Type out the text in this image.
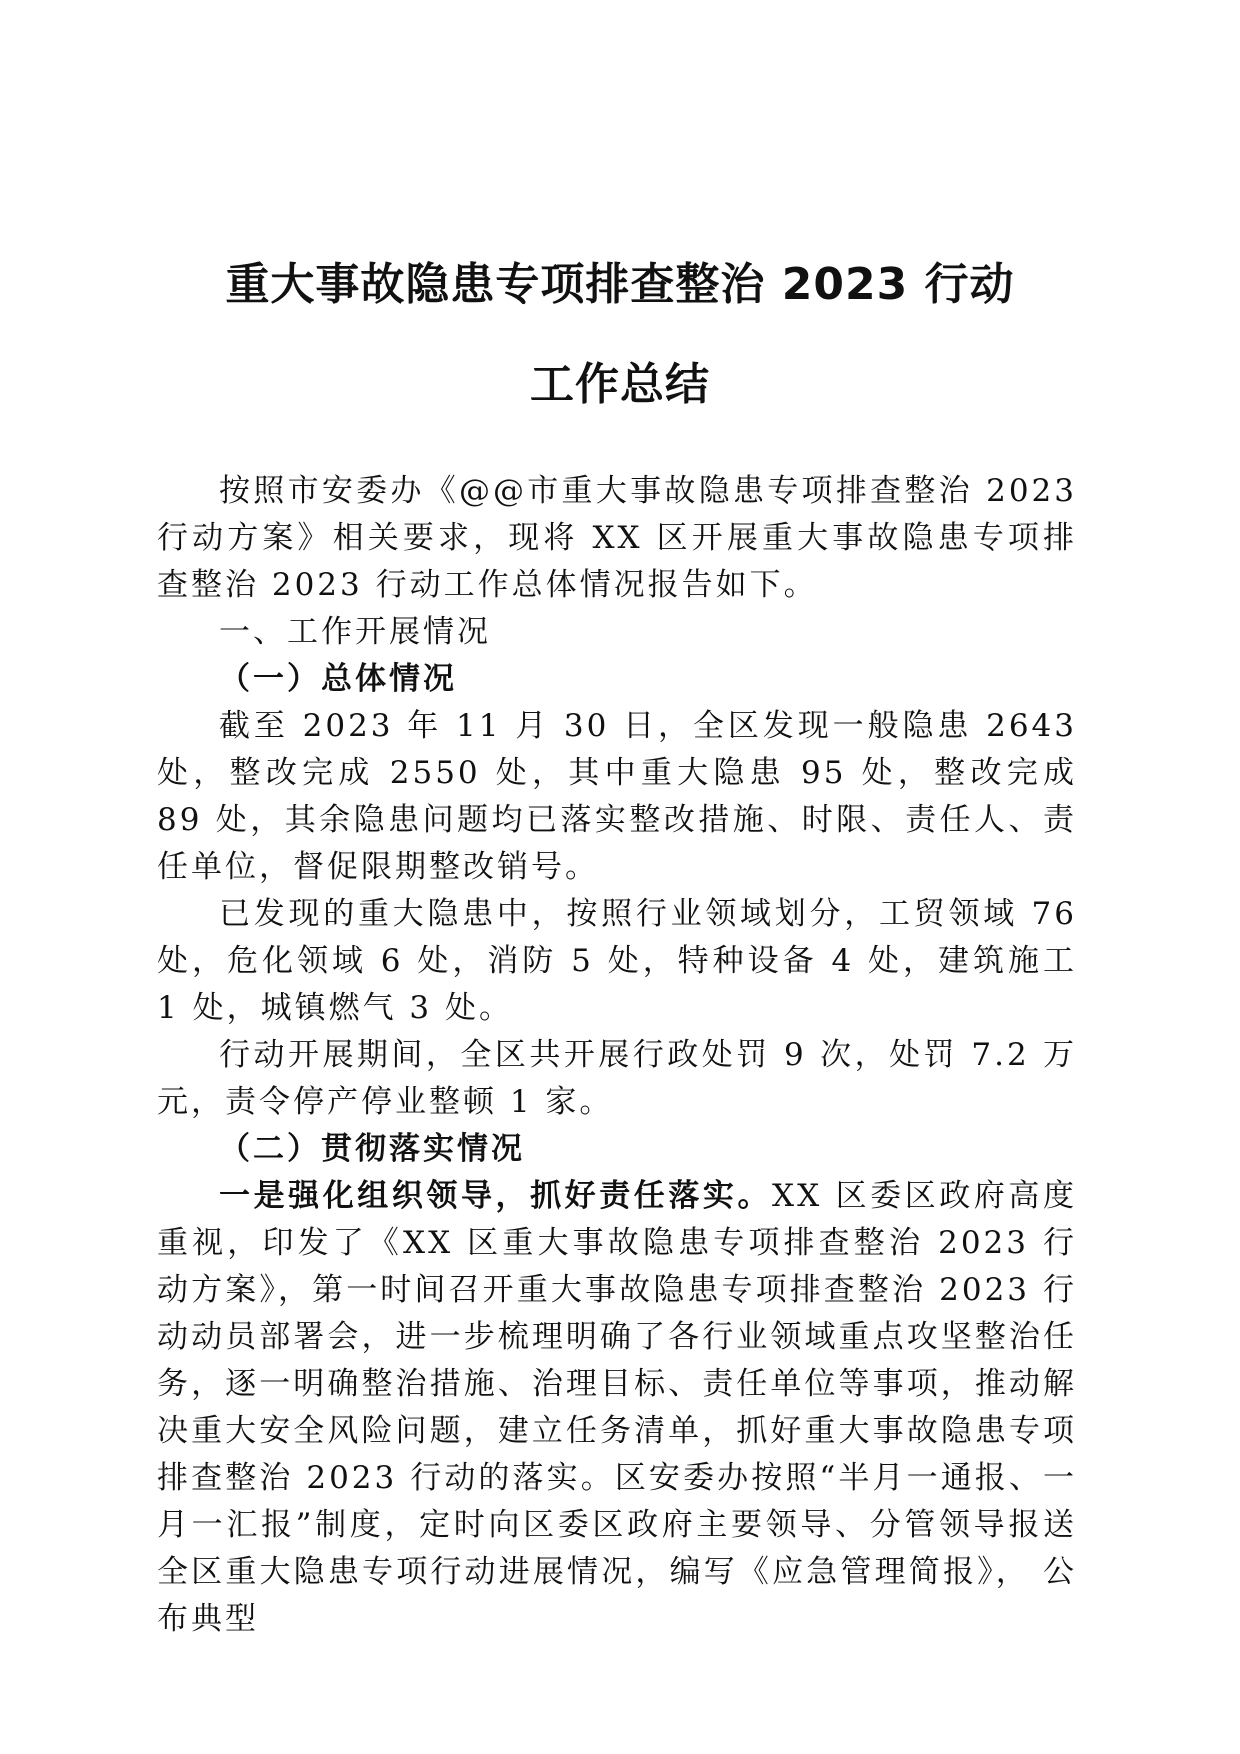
重大事故隐患专项排查整治 2023 行动
工作总结

按照市安委办《@@市重大事故隐患专项排查整治 2023 行动方案》相关要求，现将 XX 区开展重大事故隐患专项排查整治 2023 行动工作总体情况报告如下。

一、工作开展情况

（一）总体情况

截至 2023 年 11 月 30 日，全区发现一般隐患 2643 处，整改完成 2550 处，其中重大隐患 95 处，整改完成 89 处，其余隐患问题均已落实整改措施、时限、责任人、责任单位，督促限期整改销号。

已发现的重大隐患中，按照行业领域划分，工贸领域 76 处，危化领域 6 处，消防 5 处，特种设备 4 处，建筑施工 1 处，城镇燃气 3 处。

行动开展期间，全区共开展行政处罚 9 次，处罚 7.2 万元，责令停产停业整顿 1 家。

（二）贯彻落实情况

一是强化组织领导，抓好责任落实。XX 区委区政府高度重视，印发了《XX 区重大事故隐患专项排查整治 2023 行动方案》，第一时间召开重大事故隐患专项排查整治 2023 行动动员部署会，进一步梳理明确了各行业领域重点攻坚整治任务，逐一明确整治措施、治理目标、责任单位等事项，推动解决重大安全风险问题，建立任务清单，抓好重大事故隐患专项排查整治 2023 行动的落实。区安委办按照“半月一通报、一月一汇报”制度，定时向区委区政府主要领导、分管领导报送全区重大隐患专项行动进展情况，编写《应急管理简报》， 公布典型
